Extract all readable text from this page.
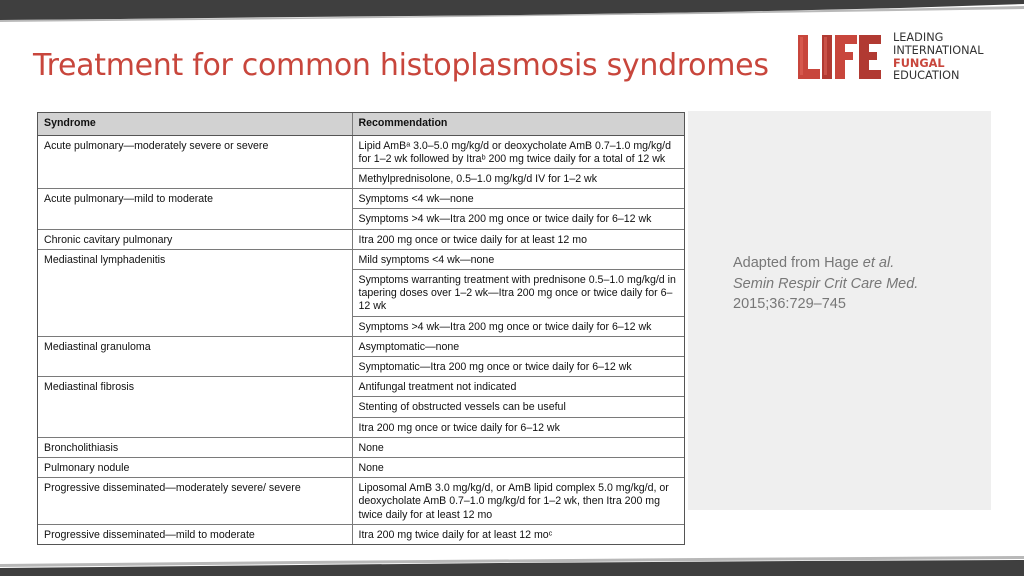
Treatment for common histoplasmosis syndromes
LEADING
INTERNATIONAL
FUNGAL
EDUCATION
Adapted from Hage et al.
Semin Respir Crit Care Med.
2015;36:729–745
Syndrome	Recommendation
Acute pulmonary—moderately severe or severe	Lipid AmBᵃ 3.0–5.0 mg/kg/d or deoxycholate AmB 0.7–1.0 mg/kg/d for 1–2 wk followed by Itraᵇ 200 mg twice daily for a total of 12 wk
	Methylprednisolone, 0.5–1.0 mg/kg/d IV for 1–2 wk
Acute pulmonary—mild to moderate	Symptoms <4 wk—none
	Symptoms >4 wk—Itra 200 mg once or twice daily for 6–12 wk
Chronic cavitary pulmonary	Itra 200 mg once or twice daily for at least 12 mo
Mediastinal lymphadenitis	Mild symptoms <4 wk—none
	Symptoms warranting treatment with prednisone 0.5–1.0 mg/kg/d in tapering doses over 1–2 wk—Itra 200 mg once or twice daily for 6–12 wk
	Symptoms >4 wk—Itra 200 mg once or twice daily for 6–12 wk
Mediastinal granuloma	Asymptomatic—none
	Symptomatic—Itra 200 mg once or twice daily for 6–12 wk
Mediastinal fibrosis	Antifungal treatment not indicated
	Stenting of obstructed vessels can be useful
	Itra 200 mg once or twice daily for 6–12 wk
Broncholithiasis	None
Pulmonary nodule	None
Progressive disseminated—moderately severe/ severe	Liposomal AmB 3.0 mg/kg/d, or AmB lipid complex 5.0 mg/kg/d, or deoxycholate AmB 0.7–1.0 mg/kg/d for 1–2 wk, then Itra 200 mg twice daily for at least 12 mo
Progressive disseminated—mild to moderate	Itra 200 mg twice daily for at least 12 moᶜ
